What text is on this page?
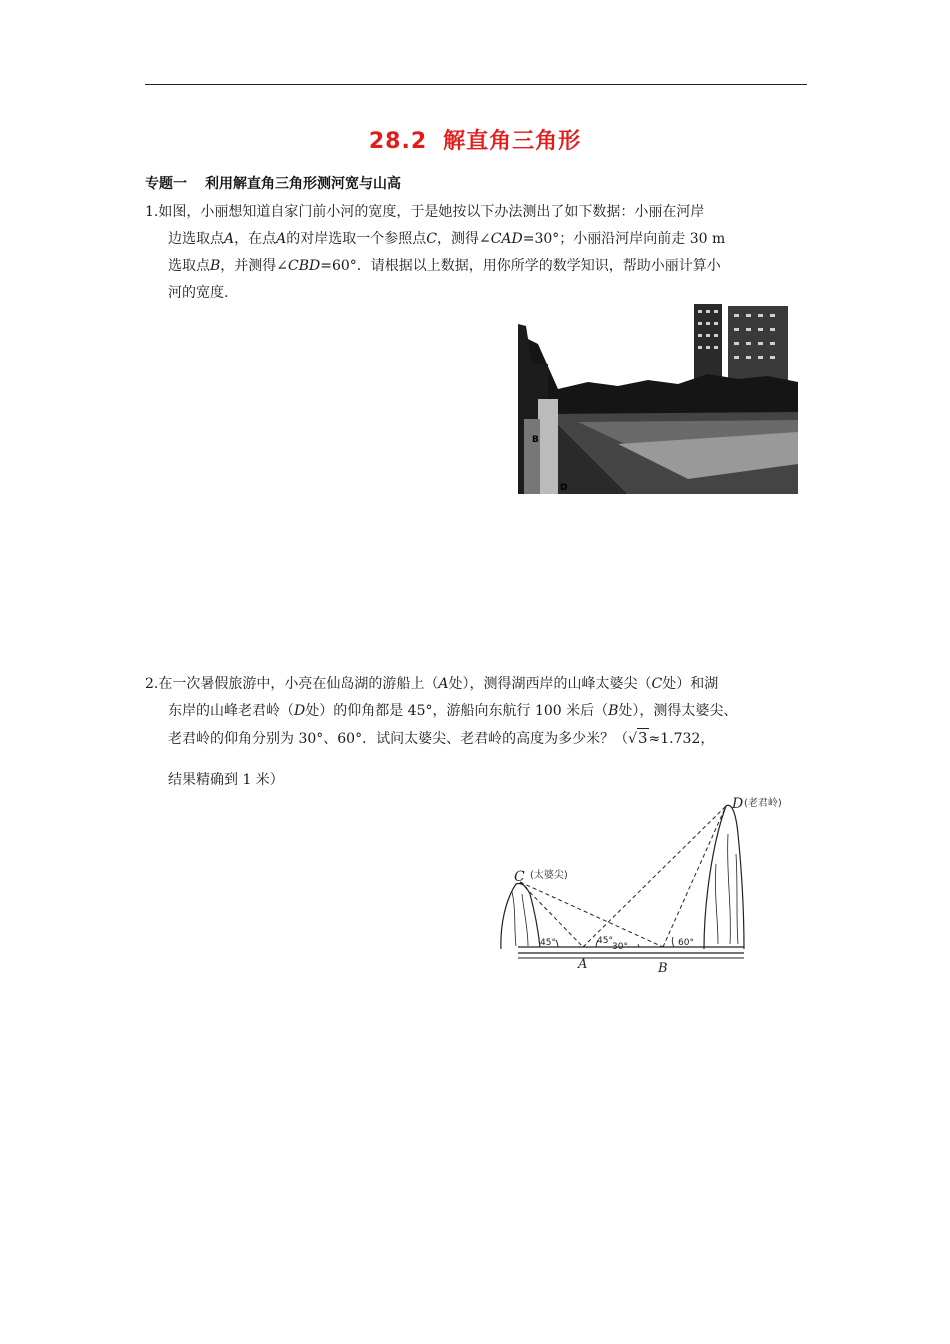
28.2 解直角三角形
专题一 利用解直角三角形测河宽与山高
1.如图，小丽想知道自家门前小河的宽度，于是她按以下办法测出了如下数据：小丽在河岸
边选取点A，在点A的对岸选取一个参照点C，测得∠CAD=30°；小丽沿河岸向前走 30 m
选取点B，并测得∠CBD=60°．请根据以上数据，用你所学的数学知识，帮助小丽计算小
河的宽度.
B
D
2.在一次暑假旅游中，小亮在仙岛湖的游船上（A处），测得湖西岸的山峰太婆尖（C处）和湖
东岸的山峰老君岭（D处）的仰角都是 45°，游船向东航行 100 米后（B处），测得太婆尖、
老君岭的仰角分别为 30°、60°．试问太婆尖、老君岭的高度为多少米？（√3≈1.732，
结果精确到 1 米）
C (太婆尖)
D (老君岭)
A	B
45°	45°
30°	60°
